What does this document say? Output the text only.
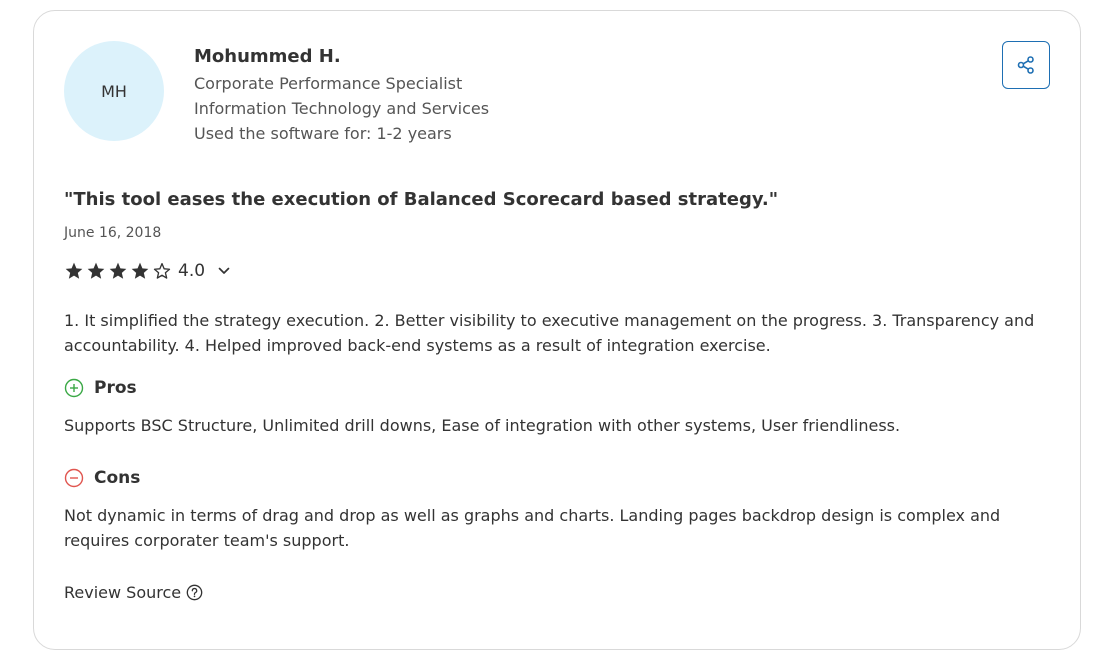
MH
Mohummed H.
Corporate Performance Specialist
Information Technology and Services
Used the software for: 1-2 years
"This tool eases the execution of Balanced Scorecard based strategy."
June 16, 2018
4.0
1. It simplified the strategy execution. 2. Better visibility to executive management on the progress. 3. Transparency and accountability. 4. Helped improved back-end systems as a result of integration exercise.
Pros
Supports BSC Structure, Unlimited drill downs, Ease of integration with other systems, User friendliness.
Cons
Not dynamic in terms of drag and drop as well as graphs and charts. Landing pages backdrop design is complex and requires corporater team's support.
Review Source
